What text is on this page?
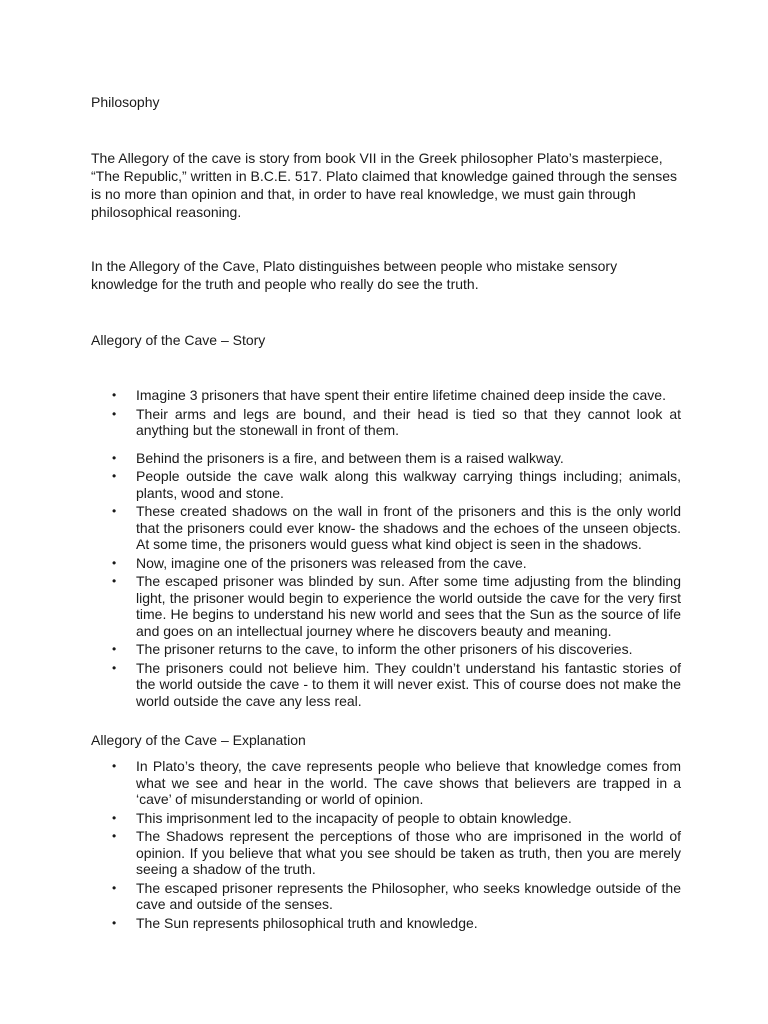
Philosophy

The Allegory of the cave is story from book VII in the Greek philosopher Plato’s masterpiece, “The Republic,” written in B.C.E. 517. Plato claimed that knowledge gained through the senses is no more than opinion and that, in order to have real knowledge, we must gain through philosophical reasoning.

In the Allegory of the Cave, Plato distinguishes between people who mistake sensory knowledge for the truth and people who really do see the truth.

Allegory of the Cave – Story
• Imagine 3 prisoners that have spent their entire lifetime chained deep inside the cave.
• Their arms and legs are bound, and their head is tied so that they cannot look at anything but the stonewall in front of them.
• Behind the prisoners is a fire, and between them is a raised walkway.
• People outside the cave walk along this walkway carrying things including; animals, plants, wood and stone.
• These created shadows on the wall in front of the prisoners and this is the only world that the prisoners could ever know- the shadows and the echoes of the unseen objects. At some time, the prisoners would guess what kind object is seen in the shadows.
• Now, imagine one of the prisoners was released from the cave.
• The escaped prisoner was blinded by sun. After some time adjusting from the blinding light, the prisoner would begin to experience the world outside the cave for the very first time. He begins to understand his new world and sees that the Sun as the source of life and goes on an intellectual journey where he discovers beauty and meaning.
• The prisoner returns to the cave, to inform the other prisoners of his discoveries.
• The prisoners could not believe him. They couldn’t understand his fantastic stories of the world outside the cave - to them it will never exist. This of course does not make the world outside the cave any less real.
Allegory of the Cave – Explanation
• In Plato’s theory, the cave represents people who believe that knowledge comes from what we see and hear in the world. The cave shows that believers are trapped in a ‘cave’ of misunderstanding or world of opinion.
• This imprisonment led to the incapacity of people to obtain knowledge.
• The Shadows represent the perceptions of those who are imprisoned in the world of opinion. If you believe that what you see should be taken as truth, then you are merely seeing a shadow of the truth.
• The escaped prisoner represents the Philosopher, who seeks knowledge outside of the cave and outside of the senses.
• The Sun represents philosophical truth and knowledge.
